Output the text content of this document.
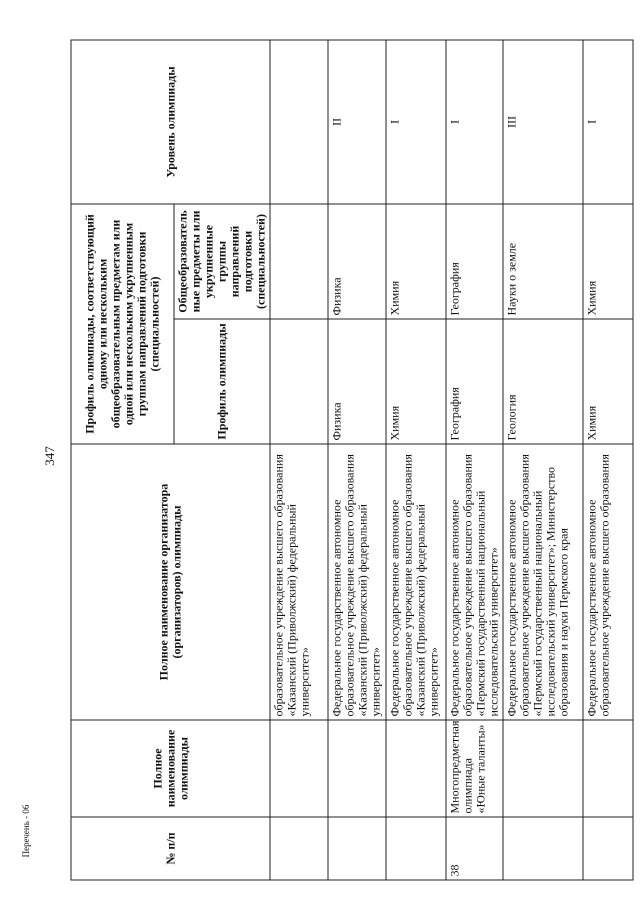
347
Перечень - 06	№ п/п	Полное наименование олимпиады	Полное наименование организатора (организаторов) олимпиады	Профиль олимпиады, соответствующий одному или нескольким общеобразовательным предметам или одной или нескольким укрупненным группам направлений подготовки (специальностей)		Уровень олимпиады
			Профиль олимпиады	Общеобразователь ные предметы или укрупненные группы направлений подготовки (специальностей)	
		образовательное учреждение высшего образования «Казанский (Приволжский) федеральный университет»			
		Федеральное государственное автономное образовательное учреждение высшего образования «Казанский (Приволжский) федеральный университет»	Физика	Физика	II
		Федеральное государственное автономное образовательное учреждение высшего образования «Казанский (Приволжский) федеральный университет»	Химия	Химия	I
38	Многопредметная олимпиада «Юные таланты»	Федеральное государственное автономное образовательное учреждение высшего образования «Пермский государственный национальный исследовательский университет»	География	География	I
		Федеральное государственное автономное образовательное учреждение высшего образования «Пермский государственный национальный исследовательский университет»; Министерство образования и науки Пермского края	Геология	Науки о земле	III
		Федеральное государственное автономное образовательное учреждение высшего образования	Химия	Химия	I
